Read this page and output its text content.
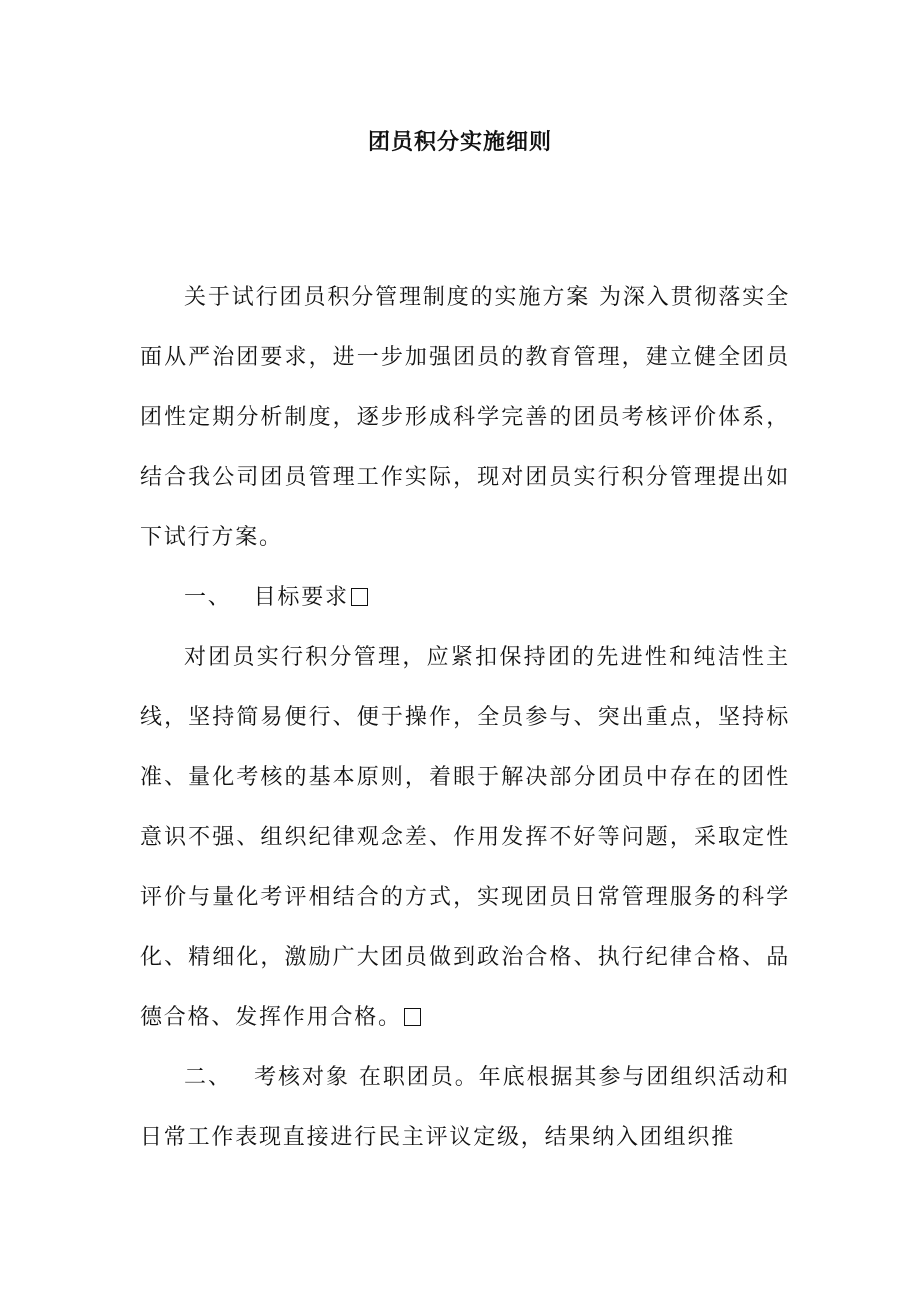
团员积分实施细则

关于试行团员积分管理制度的实施方案 为深入贯彻落实全面从严治团要求，进一步加强团员的教育管理，建立健全团员团性定期分析制度，逐步形成科学完善的团员考核评价体系，结合我公司团员管理工作实际，现对团员实行积分管理提出如下试行方案。

一、 目标要求

对团员实行积分管理，应紧扣保持团的先进性和纯洁性主线，坚持简易便行、便于操作，全员参与、突出重点，坚持标准、量化考核的基本原则，着眼于解决部分团员中存在的团性意识不强、组织纪律观念差、作用发挥不好等问题，采取定性评价与量化考评相结合的方式，实现团员日常管理服务的科学化、精细化，激励广大团员做到政治合格、执行纪律合格、品德合格、发挥作用合格。

二、 考核对象 在职团员。年底根据其参与团组织活动和日常工作表现直接进行民主评议定级，结果纳入团组织推
